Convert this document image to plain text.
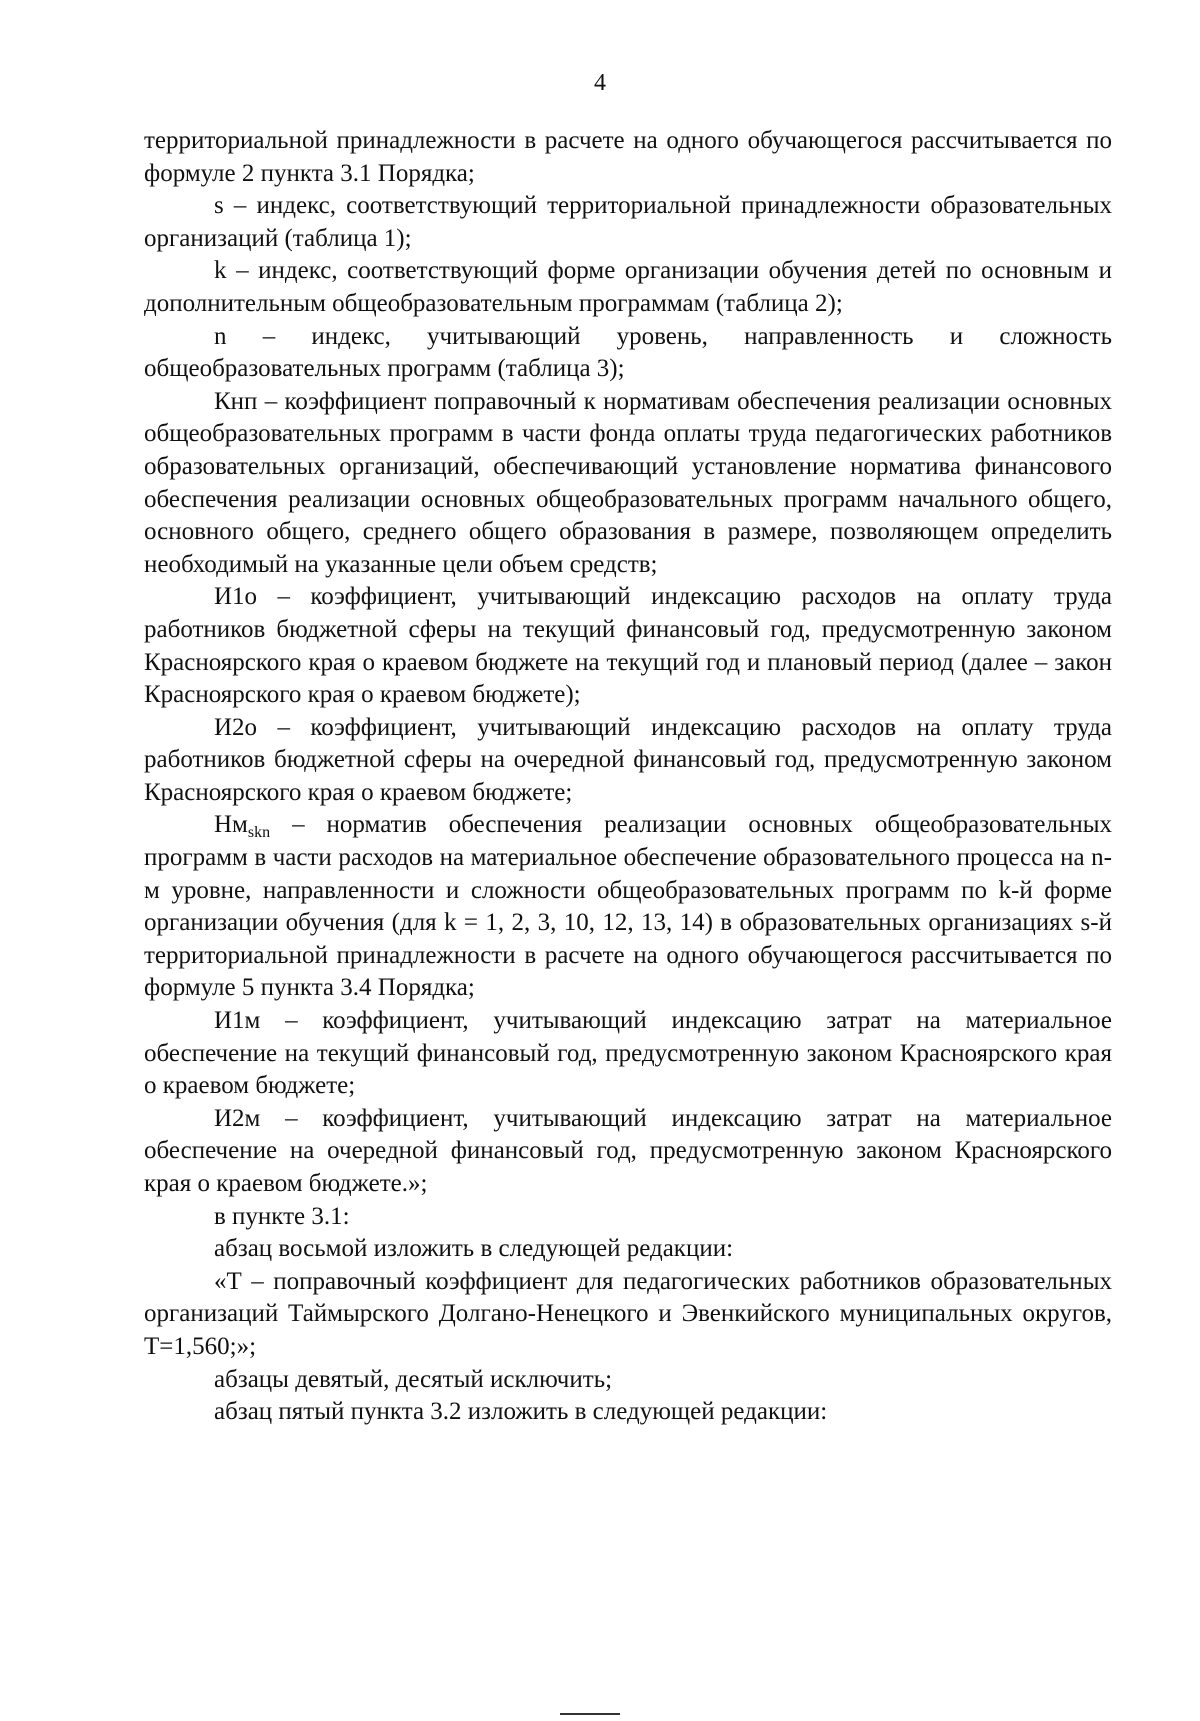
4

территориальной принадлежности в расчете на одного обучающегося рассчитывается по формуле 2 пункта 3.1 Порядка;

s – индекс, соответствующий территориальной принадлежности образовательных организаций (таблица 1);

k – индекс, соответствующий форме организации обучения детей по основным и дополнительным общеобразовательным программам (таблица 2);

n – индекс, учитывающий уровень, направленность и сложность общеобразовательных программ (таблица 3);

Кнп – коэффициент поправочный к нормативам обеспечения реализации основных общеобразовательных программ в части фонда оплаты труда педагогических работников образовательных организаций, обеспечивающий установление норматива финансового обеспечения реализации основных общеобразовательных программ начального общего, основного общего, среднего общего образования в размере, позволяющем определить необходимый на указанные цели объем средств;

И1о – коэффициент, учитывающий индексацию расходов на оплату труда работников бюджетной сферы на текущий финансовый год, предусмотренную законом Красноярского края о краевом бюджете на текущий год и плановый период (далее – закон Красноярского края о краевом бюджете);

И2о – коэффициент, учитывающий индексацию расходов на оплату труда работников бюджетной сферы на очередной финансовый год, предусмотренную законом Красноярского края о краевом бюджете;

$Нм_{skn}$ – норматив обеспечения реализации основных общеобразовательных программ в части расходов на материальное обеспечение образовательного процесса на n-м уровне, направленности и сложности общеобразовательных программ по k-й форме организации обучения (для k = 1, 2, 3, 10, 12, 13, 14) в образовательных организациях s-й территориальной принадлежности в расчете на одного обучающегося рассчитывается по формуле 5 пункта 3.4 Порядка;

И1м – коэффициент, учитывающий индексацию затрат на материальное обеспечение на текущий финансовый год, предусмотренную законом Красноярского края о краевом бюджете;

И2м – коэффициент, учитывающий индексацию затрат на материальное обеспечение на очередной финансовый год, предусмотренную законом Красноярского края о краевом бюджете.»;

в пункте 3.1:

абзац восьмой изложить в следующей редакции:

«Т – поправочный коэффициент для педагогических работников образовательных организаций Таймырского Долгано-Ненецкого и Эвенкийского муниципальных округов, Т=1,560;»;

абзацы девятый, десятый исключить;

абзац пятый пункта 3.2 изложить в следующей редакции:
